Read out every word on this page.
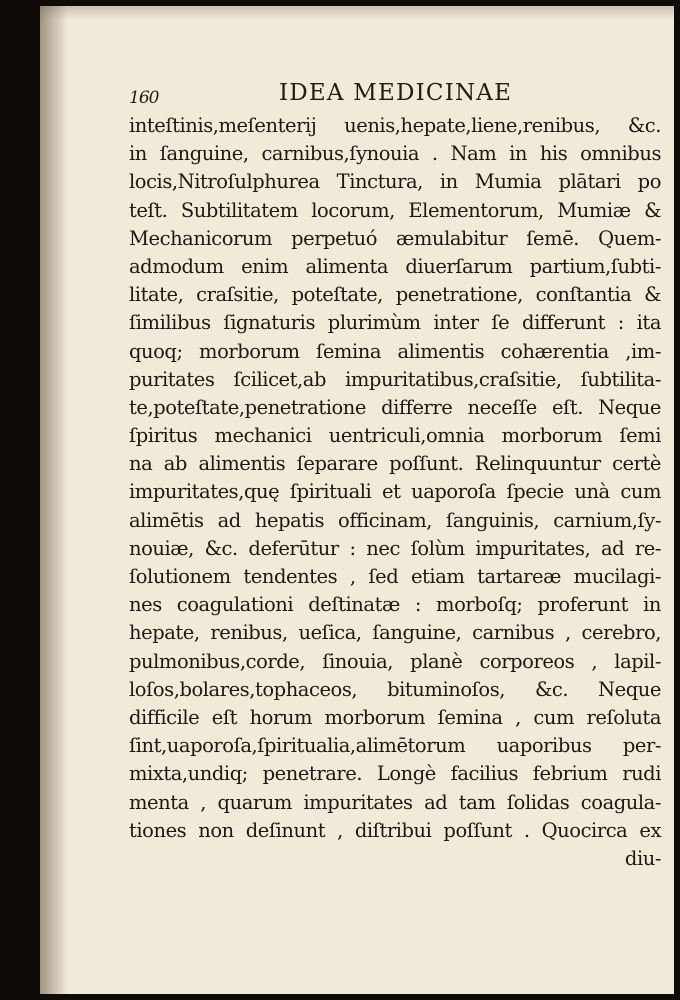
160	IDEA MEDICINAE
inteſtinis,meſenterij uenis,hepate,liene,renibus, &c.
in ſanguine, carnibus,ſynouia . Nam in his omnibus
locis,Nitroſulphurea Tinctura, in Mumia plātari po
teſt. Subtilitatem locorum, Elementorum, Mumiæ &
Mechanicorum perpetuó æmulabitur ſemē. Quem-
admodum enim alimenta diuerſarum partium,ſubti-
litate, craſsitie, poteſtate, penetratione, conſtantia &
ſimilibus ſignaturis plurimùm inter ſe differunt : ita
quoq; morborum ſemina alimentis cohærentia ,im-
puritates ſcilicet,ab impuritatibus,craſsitie, ſubtilita-
te,poteſtate,penetratione differre neceſſe eſt. Neque
ſpiritus mechanici uentriculi,omnia morborum ſemi
na ab alimentis ſeparare poſſunt. Relinquuntur certè
impuritates,quę ſpirituali et uaporoſa ſpecie unà cum
alimētis ad hepatis officinam, ſanguinis, carnium,ſy-
nouiæ, &c. deferūtur : nec ſolùm impuritates, ad re-
ſolutionem tendentes , ſed etiam tartareæ mucilagi-
nes coagulationi deſtinatæ : morboſq; proferunt in
hepate, renibus, ueſica, ſanguine, carnibus , cerebro,
pulmonibus,corde, ſinouia, planè corporeos , lapil-
loſos,bolares,tophaceos, bituminoſos, &c. Neque
difficile eſt horum morborum ſemina , cum reſoluta
ſint,uaporoſa,ſpiritualia,alimētorum uaporibus per-
mixta,undiq; penetrare. Longè facilius febrium rudi
menta , quarum impuritates ad tam ſolidas coagula-
tiones non deſinunt , diſtribui poſſunt . Quocirca ex
diu-
